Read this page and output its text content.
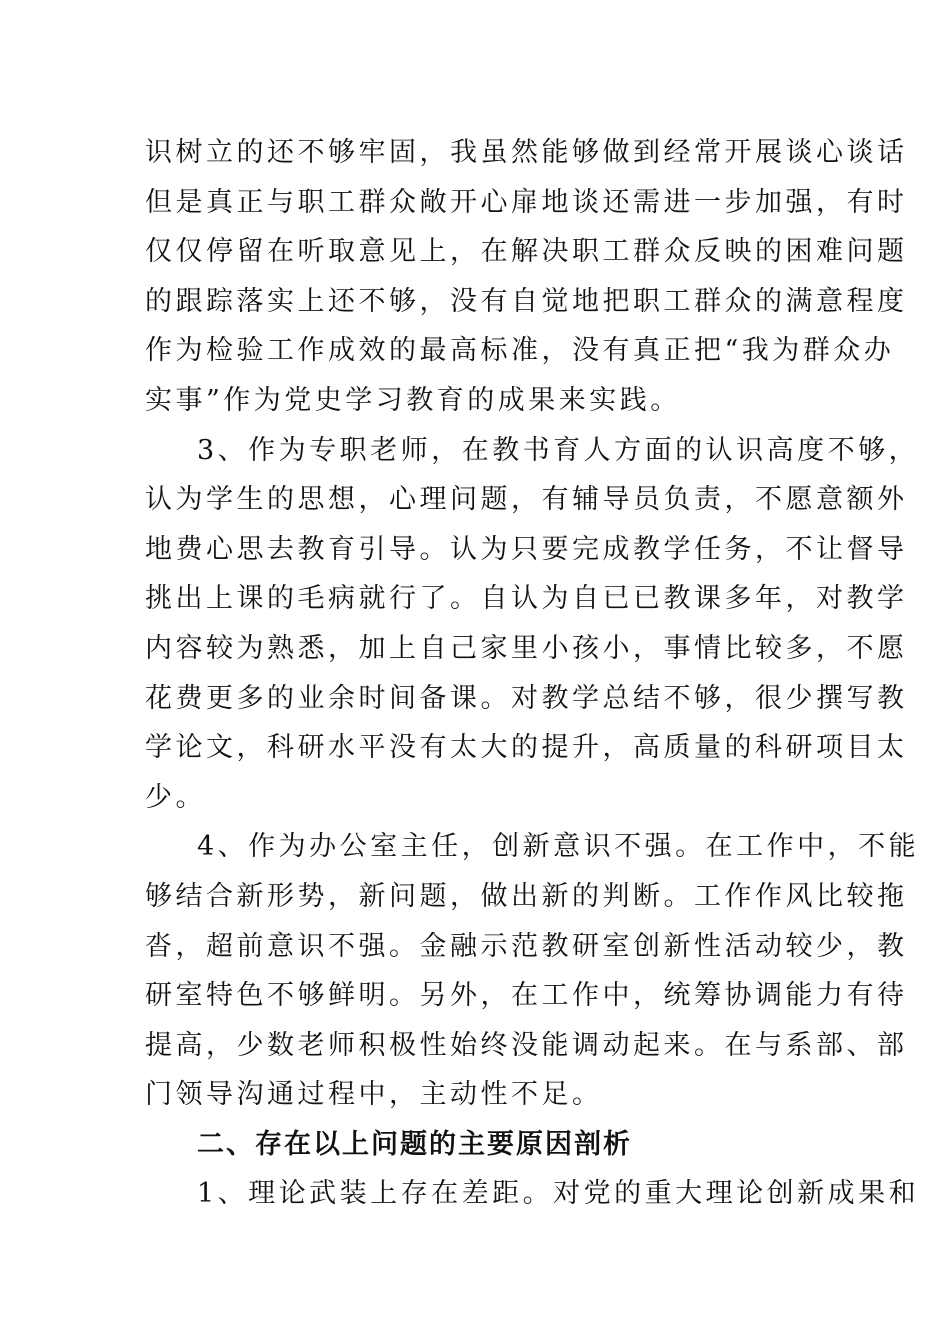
识树立的还不够牢固，我虽然能够做到经常开展谈心谈话
但是真正与职工群众敞开心扉地谈还需进一步加强，有时
仅仅停留在听取意见上，在解决职工群众反映的困难问题
的跟踪落实上还不够，没有自觉地把职工群众的满意程度
作为检验工作成效的最高标准，没有真正把“我为群众办
实事”作为党史学习教育的成果来实践。
3、作为专职老师，在教书育人方面的认识高度不够，
认为学生的思想，心理问题，有辅导员负责，不愿意额外
地费心思去教育引导。认为只要完成教学任务，不让督导
挑出上课的毛病就行了。自认为自已已教课多年，对教学
内容较为熟悉，加上自己家里小孩小，事情比较多，不愿
花费更多的业余时间备课。对教学总结不够，很少撰写教
学论文，科研水平没有太大的提升，高质量的科研项目太
少。
4、作为办公室主任，创新意识不强。在工作中，不能
够结合新形势，新问题，做出新的判断。工作作风比较拖
沓，超前意识不强。金融示范教研室创新性活动较少，教
研室特色不够鲜明。另外，在工作中，统筹协调能力有待
提高，少数老师积极性始终没能调动起来。在与系部、部
门领导沟通过程中，主动性不足。
二、存在以上问题的主要原因剖析
1、理论武装上存在差距。对党的重大理论创新成果和
